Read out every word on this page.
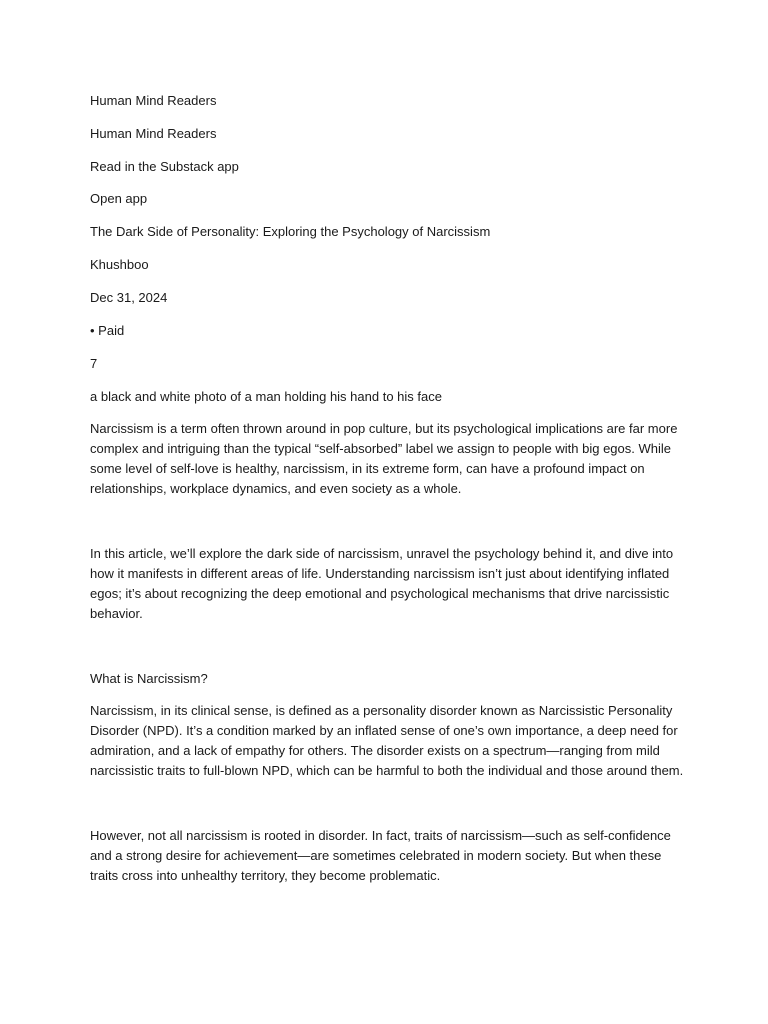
Human Mind Readers

Human Mind Readers

Read in the Substack app

Open app

The Dark Side of Personality: Exploring the Psychology of Narcissism

Khushboo

Dec 31, 2024

• Paid

7

a black and white photo of a man holding his hand to his face

Narcissism is a term often thrown around in pop culture, but its psychological implications are far more complex and intriguing than the typical “self-absorbed” label we assign to people with big egos. While some level of self-love is healthy, narcissism, in its extreme form, can have a profound impact on relationships, workplace dynamics, and even society as a whole.

In this article, we’ll explore the dark side of narcissism, unravel the psychology behind it, and dive into how it manifests in different areas of life. Understanding narcissism isn’t just about identifying inflated egos; it’s about recognizing the deep emotional and psychological mechanisms that drive narcissistic behavior.

What is Narcissism?

Narcissism, in its clinical sense, is defined as a personality disorder known as Narcissistic Personality Disorder (NPD). It’s a condition marked by an inflated sense of one’s own importance, a deep need for admiration, and a lack of empathy for others. The disorder exists on a spectrum—ranging from mild narcissistic traits to full-blown NPD, which can be harmful to both the individual and those around them.

However, not all narcissism is rooted in disorder. In fact, traits of narcissism—such as self-confidence and a strong desire for achievement—are sometimes celebrated in modern society. But when these traits cross into unhealthy territory, they become problematic.
